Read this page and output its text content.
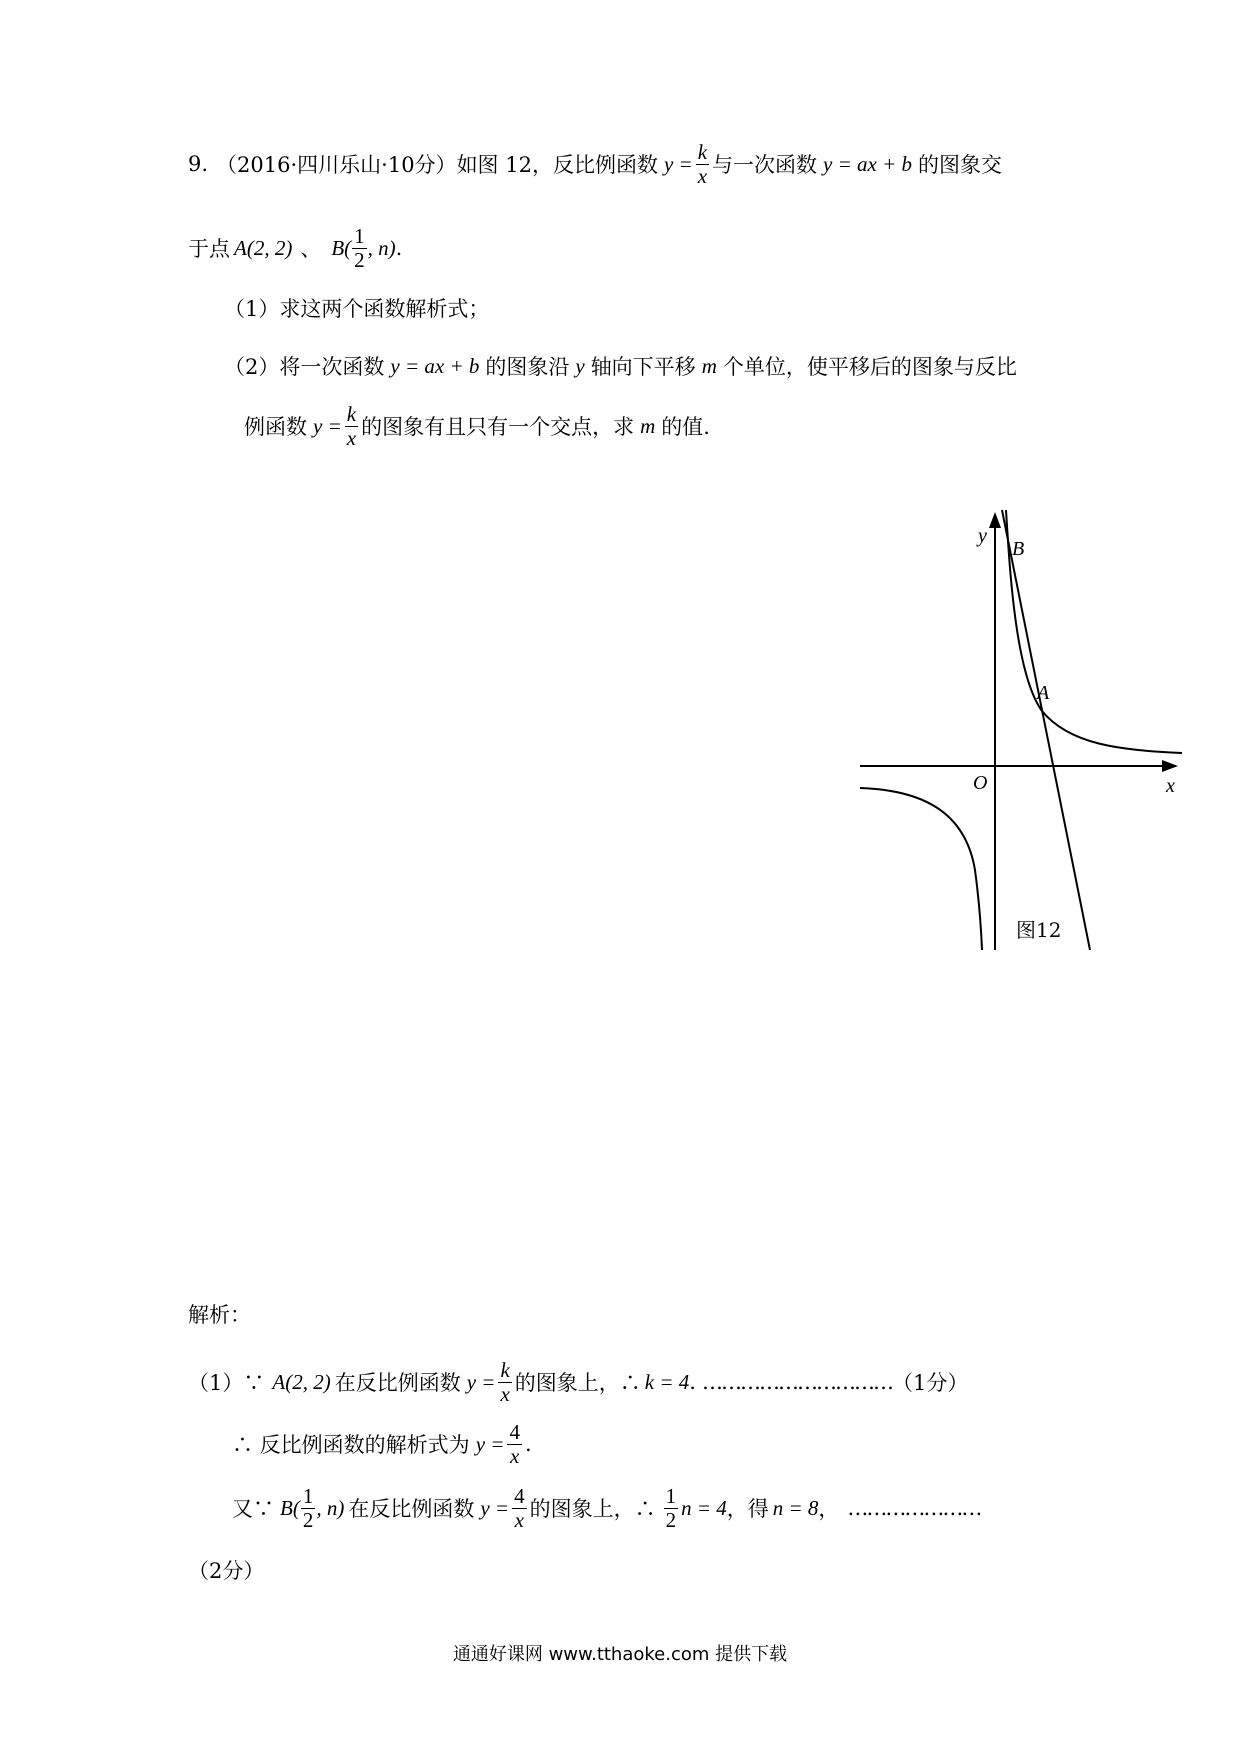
9. （2016·四川乐山·10分） 如图 12，反比例函数 $y = \frac{k}{x}$ 与一次函数 y = ax + b 的图象交
于点 A(2, 2) 、 $B( \frac{1}{2}$ , n) .
（1）求这两个函数解析式；
（2）将一次函数 y = ax + b 的图象沿 y 轴向下平移 m 个单位，使平移后的图象与反比
例函数 $y = \frac{k}{x}$ 的图象有且只有一个交点，求 m 的值.
y
B
A
O	x
图12
解析：
（1）∵ A(2, 2) 在反比例函数 $y = \frac{k}{x}$ 的图象上，∴ k = 4 . ………………………… （1分）
∴ 反比例函数的解析式为 $y = \frac{4}{x}$ .
又∵ $B( \frac{1}{2}$ , n) 在反比例函数 $y = \frac{4}{x}$ 的图象上，∴ $\frac{1}{2}$ n = 4 ，得 n = 8 ， …………………
（2分）
通通好课网 www.tthaoke.com 提供下载
